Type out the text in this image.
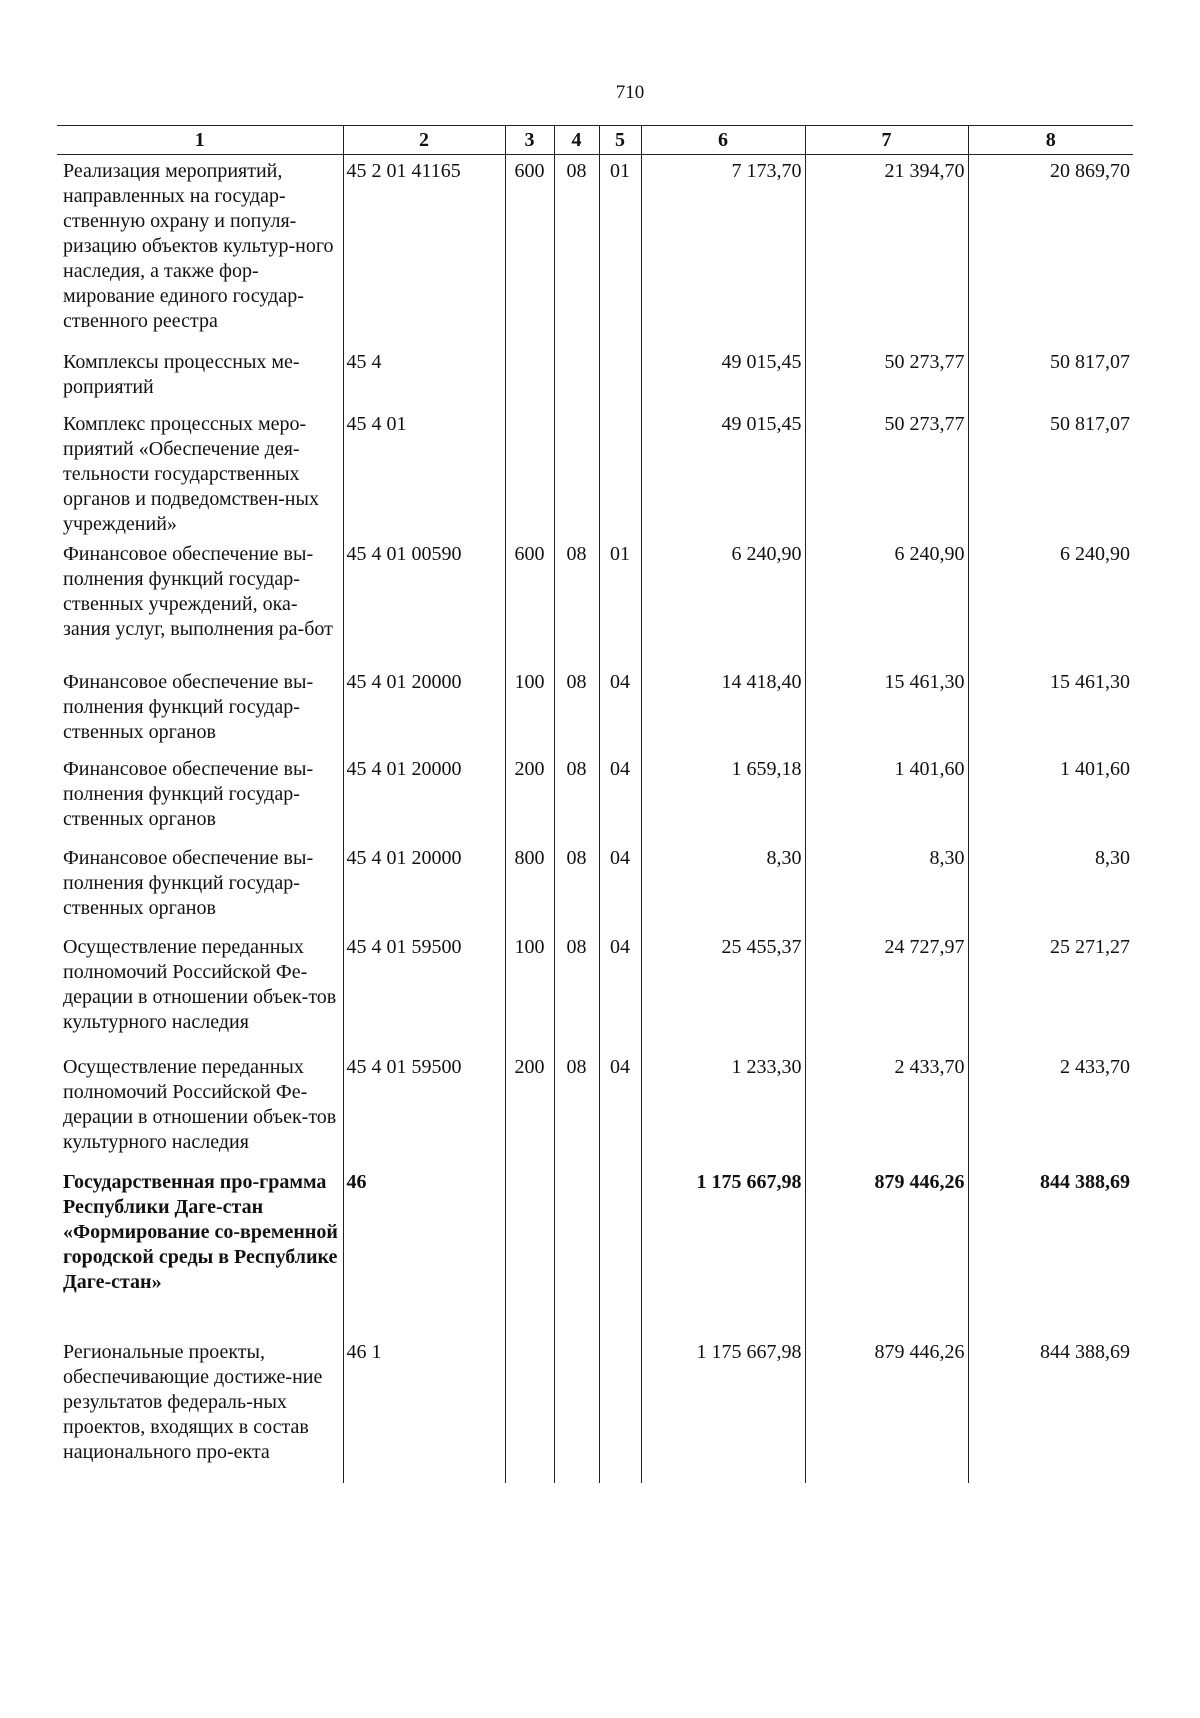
710
1	2	3	4	5	6	7	8
Реализация мероприятий, направленных на государ-ственную охрану и популя-ризацию объектов культур-ного наследия, а также фор-мирование единого государ-ственного реестра	45 2 01 41165	600	08	01	7 173,70	21 394,70	20 869,70
Комплексы процессных ме-роприятий	45 4				49 015,45	50 273,77	50 817,07
Комплекс процессных меро-приятий «Обеспечение дея-тельности государственных органов и подведомствен-ных учреждений»	45 4 01				49 015,45	50 273,77	50 817,07
Финансовое обеспечение вы-полнения функций государ-ственных учреждений, ока-зания услуг, выполнения ра-бот	45 4 01 00590	600	08	01	6 240,90	6 240,90	6 240,90
Финансовое обеспечение вы-полнения функций государ-ственных органов	45 4 01 20000	100	08	04	14 418,40	15 461,30	15 461,30
Финансовое обеспечение вы-полнения функций государ-ственных органов	45 4 01 20000	200	08	04	1 659,18	1 401,60	1 401,60
Финансовое обеспечение вы-полнения функций государ-ственных органов	45 4 01 20000	800	08	04	8,30	8,30	8,30
Осуществление переданных полномочий Российской Фе-дерации в отношении объек-тов культурного наследия	45 4 01 59500	100	08	04	25 455,37	24 727,97	25 271,27
Осуществление переданных полномочий Российской Фе-дерации в отношении объек-тов культурного наследия	45 4 01 59500	200	08	04	1 233,30	2 433,70	2 433,70
Государственная про-грамма Республики Даге-стан «Формирование со-временной городской среды в Республике Даге-стан»	46				1 175 667,98	879 446,26	844 388,69
Региональные проекты, обеспечивающие достиже-ние результатов федераль-ных проектов, входящих в состав национального про-екта	46 1				1 175 667,98	879 446,26	844 388,69
